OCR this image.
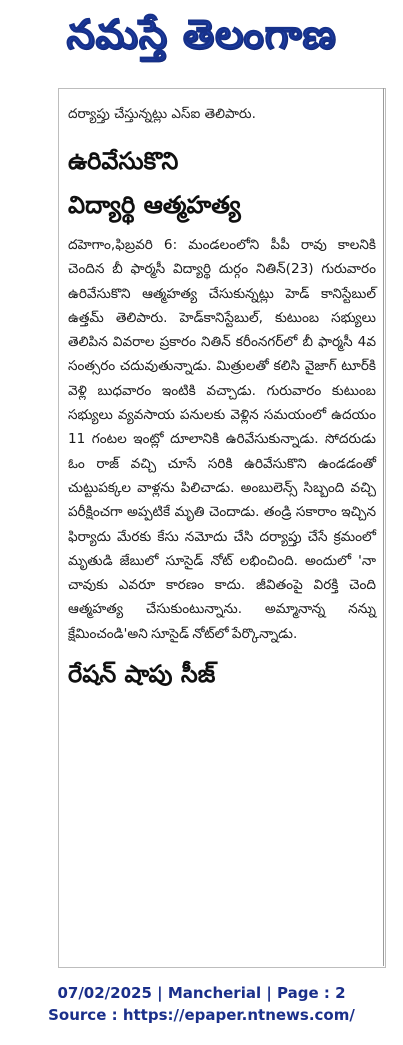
నమస్తే తెలంగాణ
దర్యాప్తు చేస్తున్నట్లు ఎస్ఐ తెలిపారు.
ఉరివేసుకొని
విద్యార్థి ఆత్మహత్య
దహెగాం,ఫిబ్రవరి 6: మండలంలోని పీపీ రావు కాలనికి చెందిన బీ ఫార్మసీ విద్యార్థి దుర్గం నితిన్(23) గురువారం ఉరివేసుకొని ఆత్మహత్య చేసుకున్నట్లు హెడ్ కానిస్టేబుల్ ఉత్తమ్ తెలిపారు. హెడ్‌కానిస్టేబుల్, కుటుంబ సభ్యులు తెలిపిన వివరాల ప్రకారం నితిన్ కరీంనగర్‌లో బీ ఫార్మసీ 4వ సంత్సరం చదువుతున్నాడు. మిత్రులతో కలిసి వైజాగ్ టూర్‌కి వెళ్లి బుధవారం ఇంటికి వచ్చాడు. గురువారం కుటుంబ సభ్యులు వ్యవసాయ పనులకు వెళ్లిన సమయంలో ఉదయం 11 గంటల ఇంట్లో దూలానికి ఉరివేసుకున్నాడు. సోదరుడు ఓం రాజ్ వచ్చి చూసే సరికి ఉరివేసుకొని ఉండడంతో చుట్టుపక్కల వాళ్లను పిలిచాడు. అంబులెన్స్ సిబ్బంది వచ్చి పరీక్షించగా అప్పటికే మృతి చెందాడు. తండ్రి సకారాం ఇచ్చిన ఫిర్యాదు మేరకు కేసు నమోదు చేసి దర్యాప్తు చేసే క్రమంలో మృతుడి జేబులో సూసైడ్ నోట్ లభించింది. అందులో 'నా చావుకు ఎవరూ కారణం కాదు. జీవితంపై విరక్తి చెంది ఆత్మహత్య చేసుకుంటున్నాను. అమ్మానాన్న నన్ను క్షేమించండి'అని సూసైడ్ నోట్‌లో పేర్కొన్నాడు.
రేషన్ షాపు సీజ్
07/02/2025 | Mancherial | Page : 2
Source : https://epaper.ntnews.com/
